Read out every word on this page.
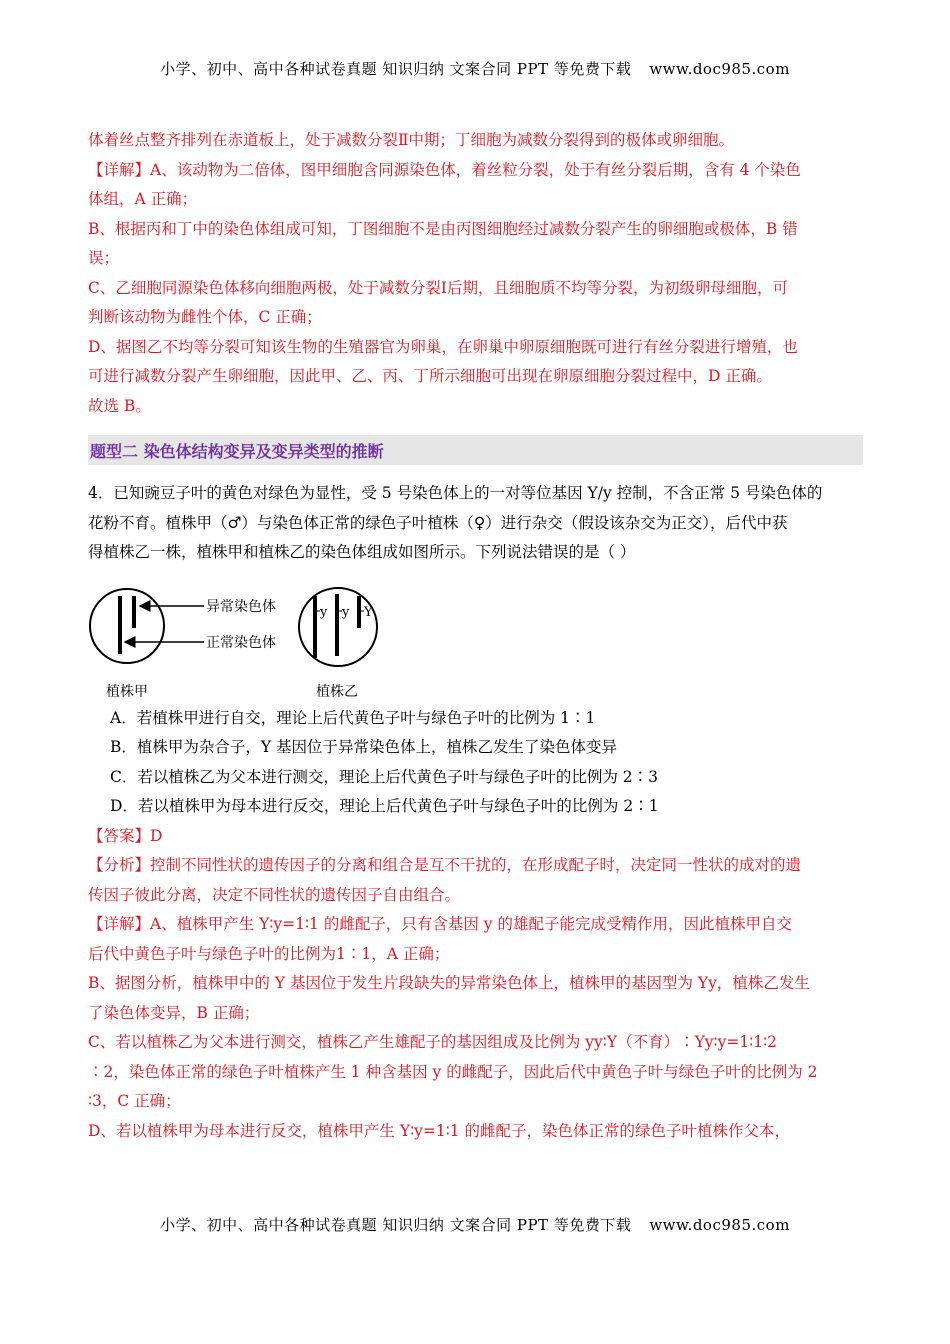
小学、初中、高中各种试卷真题 知识归纳 文案合同 PPT 等免费下载 www.doc985.com
体着丝点整齐排列在赤道板上，处于减数分裂Ⅱ中期；丁细胞为减数分裂得到的极体或卵细胞。
【详解】A、该动物为二倍体，图甲细胞含同源染色体，着丝粒分裂，处于有丝分裂后期，含有 4 个染色
体组，A 正确；
B、根据丙和丁中的染色体组成可知，丁图细胞不是由丙图细胞经过减数分裂产生的卵细胞或极体，B 错
误；
C、乙细胞同源染色体移向细胞两极，处于减数分裂Ⅰ后期，且细胞质不均等分裂，为初级卵母细胞，可
判断该动物为雌性个体，C 正确；
D、据图乙不均等分裂可知该生物的生殖器官为卵巢，在卵巢中卵原细胞既可进行有丝分裂进行增殖，也
可进行减数分裂产生卵细胞，因此甲、乙、丙、丁所示细胞可出现在卵原细胞分裂过程中，D 正确。
故选 B。
题型二 染色体结构变异及变异类型的推断
4．已知豌豆子叶的黄色对绿色为显性，受 5 号染色体上的一对等位基因 Y/y 控制，不含正常 5 号染色体的
花粉不育。植株甲（♂）与染色体正常的绿色子叶植株（♀）进行杂交（假设该杂交为正交），后代中获
得植株乙一株，植株甲和植株乙的染色体组成如图所示。下列说法错误的是（ ）
异常染色体
正常染色体
植株甲
y y Y
植株乙
A．若植株甲进行自交，理论上后代黄色子叶与绿色子叶的比例为 1∶1
B．植株甲为杂合子，Y 基因位于异常染色体上，植株乙发生了染色体变异
C．若以植株乙为父本进行测交，理论上后代黄色子叶与绿色子叶的比例为 2∶3
D．若以植株甲为母本进行反交，理论上后代黄色子叶与绿色子叶的比例为 2∶1
【答案】D
【分析】控制不同性状的遗传因子的分离和组合是互不干扰的，在形成配子时，决定同一性状的成对的遗
传因子彼此分离，决定不同性状的遗传因子自由组合。
【详解】A、植株甲产生 Y∶y=1∶1 的雌配子，只有含基因 y 的雄配子能完成受精作用，因此植株甲自交
后代中黄色子叶与绿色子叶的比例为1∶1，A 正确；
B、据图分析，植株甲中的 Y 基因位于发生片段缺失的异常染色体上，植株甲的基因型为 Yy，植株乙发生
了染色体变异，B 正确；
C、若以植株乙为父本进行测交，植株乙产生雄配子的基因组成及比例为 yy∶Y（不育）∶Yy∶y=1∶1∶2
∶2，染色体正常的绿色子叶植株产生 1 种含基因 y 的雌配子，因此后代中黄色子叶与绿色子叶的比例为 2
∶3，C 正确；
D、若以植株甲为母本进行反交，植株甲产生 Y∶y=1∶1 的雌配子，染色体正常的绿色子叶植株作父本，
小学、初中、高中各种试卷真题 知识归纳 文案合同 PPT 等免费下载 www.doc985.com
